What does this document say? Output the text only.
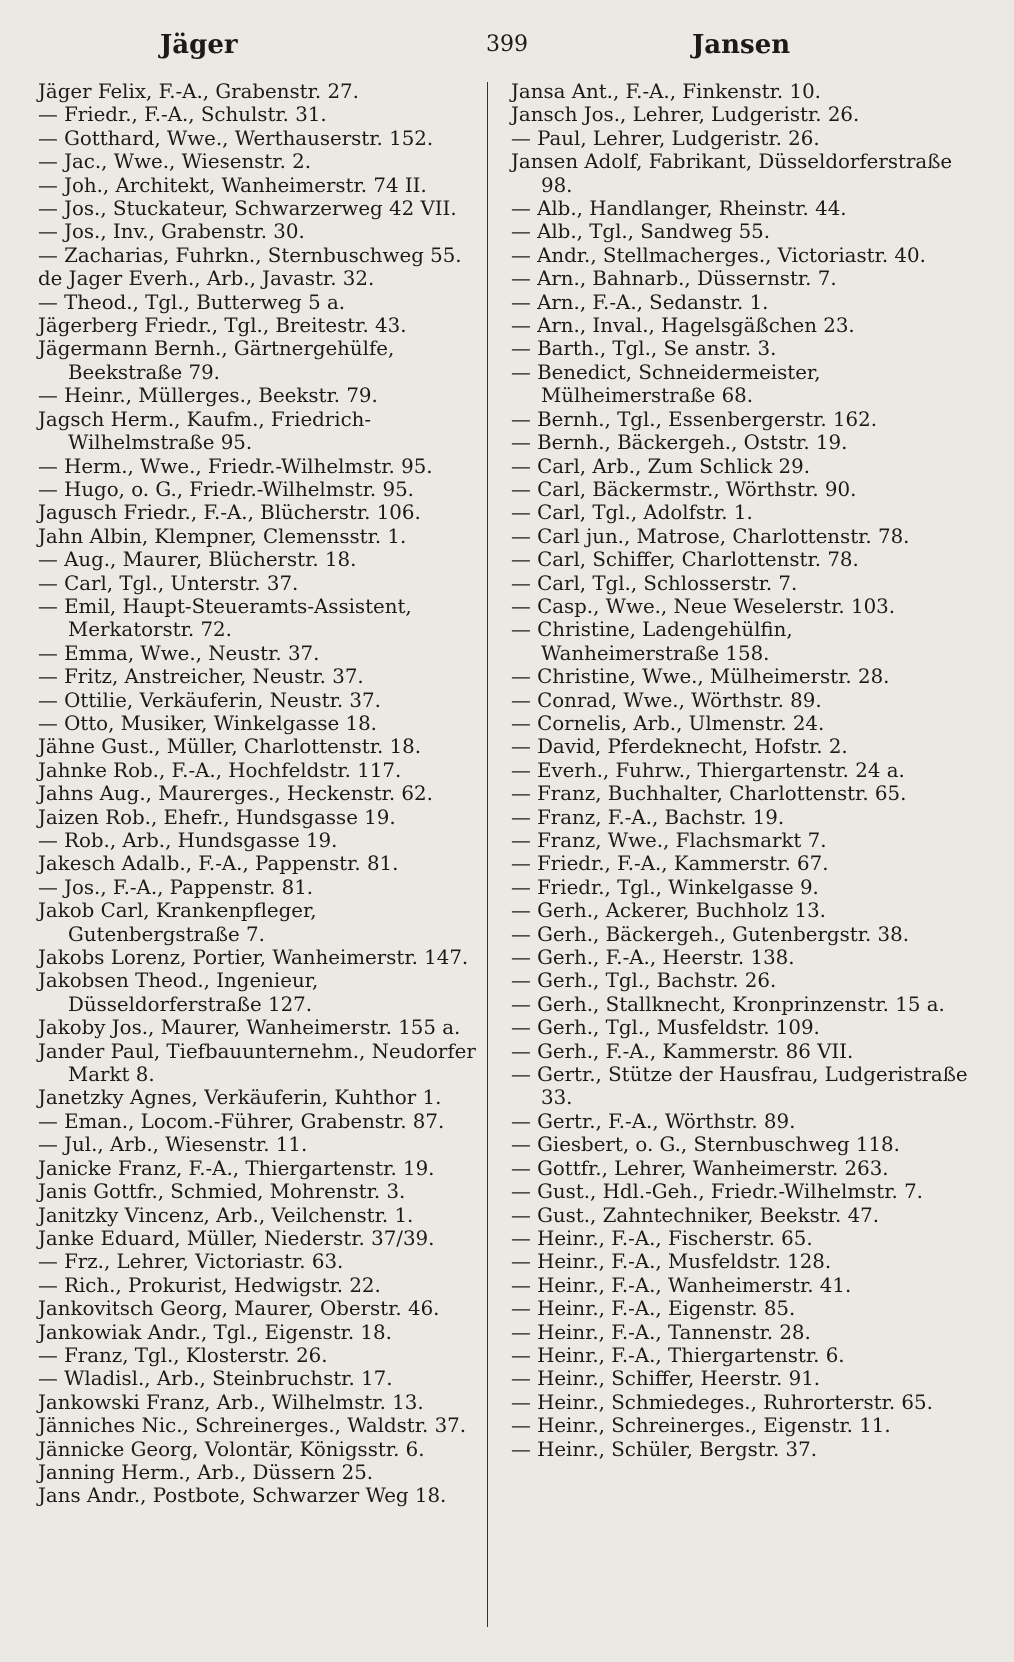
Jäger	399	Jansen

Jäger Felix, F.-A., Grabenstr. 27.

— Friedr., F.-A., Schulstr. 31.

— Gotthard, Wwe., Werthauserstr. 152.

— Jac., Wwe., Wiesenstr. 2.

— Joh., Architekt, Wanheimerstr. 74 II.

— Jos., Stuckateur, Schwarzerweg 42 VII.

— Jos., Inv., Grabenstr. 30.

— Zacharias, Fuhrkn., Sternbuschweg 55.

de Jager Everh., Arb., Javastr. 32.

— Theod., Tgl., Butterweg 5 a.

Jägerberg Friedr., Tgl., Breitestr. 43.

Jägermann Bernh., Gärtnergehülfe, Beekstraße 79.

— Heinr., Müllerges., Beekstr. 79.

Jagsch Herm., Kaufm., Friedrich-Wilhelmstraße 95.

— Herm., Wwe., Friedr.-Wilhelmstr. 95.

— Hugo, o. G., Friedr.-Wilhelmstr. 95.

Jagusch Friedr., F.-A., Blücherstr. 106.

Jahn Albin, Klempner, Clemensstr. 1.

— Aug., Maurer, Blücherstr. 18.

— Carl, Tgl., Unterstr. 37.

— Emil, Haupt-Steueramts-Assistent, Merkatorstr. 72.

— Emma, Wwe., Neustr. 37.

— Fritz, Anstreicher, Neustr. 37.

— Ottilie, Verkäuferin, Neustr. 37.

— Otto, Musiker, Winkelgasse 18.

Jähne Gust., Müller, Charlottenstr. 18.

Jahnke Rob., F.-A., Hochfeldstr. 117.

Jahns Aug., Maurerges., Heckenstr. 62.

Jaizen Rob., Ehefr., Hundsgasse 19.

— Rob., Arb., Hundsgasse 19.

Jakesch Adalb., F.-A., Pappenstr. 81.

— Jos., F.-A., Pappenstr. 81.

Jakob Carl, Krankenpfleger, Gutenbergstraße 7.

Jakobs Lorenz, Portier, Wanheimerstr. 147.

Jakobsen Theod., Ingenieur, Düsseldorferstraße 127.

Jakoby Jos., Maurer, Wanheimerstr. 155 a.

Jander Paul, Tiefbauunternehm., Neudorfer Markt 8.

Janetzky Agnes, Verkäuferin, Kuhthor 1.

— Eman., Locom.-Führer, Grabenstr. 87.

— Jul., Arb., Wiesenstr. 11.

Janicke Franz, F.-A., Thiergartenstr. 19.

Janis Gottfr., Schmied, Mohrenstr. 3.

Janitzky Vincenz, Arb., Veilchenstr. 1.

Janke Eduard, Müller, Niederstr. 37/39.

— Frz., Lehrer, Victoriastr. 63.

— Rich., Prokurist, Hedwigstr. 22.

Jankovitsch Georg, Maurer, Oberstr. 46.

Jankowiak Andr., Tgl., Eigenstr. 18.

— Franz, Tgl., Klosterstr. 26.

— Wladisl., Arb., Steinbruchstr. 17.

Jankowski Franz, Arb., Wilhelmstr. 13.

Jänniches Nic., Schreinerges., Waldstr. 37.

Jännicke Georg, Volontär, Königsstr. 6.

Janning Herm., Arb., Düssern 25.

Jans Andr., Postbote, Schwarzer Weg 18.

Jansa Ant., F.-A., Finkenstr. 10.

Jansch Jos., Lehrer, Ludgeristr. 26.

— Paul, Lehrer, Ludgeristr. 26.

Jansen Adolf, Fabrikant, Düsseldorferstraße 98.

— Alb., Handlanger, Rheinstr. 44.

— Alb., Tgl., Sandweg 55.

— Andr., Stellmacherges., Victoriastr. 40.

— Arn., Bahnarb., Düssernstr. 7.

— Arn., F.-A., Sedanstr. 1.

— Arn., Inval., Hagelsgäßchen 23.

— Barth., Tgl., Se anstr. 3.

— Benedict, Schneidermeister, Mülheimerstraße 68.

— Bernh., Tgl., Essenbergerstr. 162.

— Bernh., Bäckergeh., Oststr. 19.

— Carl, Arb., Zum Schlick 29.

— Carl, Bäckermstr., Wörthstr. 90.

— Carl, Tgl., Adolfstr. 1.

— Carl jun., Matrose, Charlottenstr. 78.

— Carl, Schiffer, Charlottenstr. 78.

— Carl, Tgl., Schlosserstr. 7.

— Casp., Wwe., Neue Weselerstr. 103.

— Christine, Ladengehülfin, Wanheimerstraße 158.

— Christine, Wwe., Mülheimerstr. 28.

— Conrad, Wwe., Wörthstr. 89.

— Cornelis, Arb., Ulmenstr. 24.

— David, Pferdeknecht, Hofstr. 2.

— Everh., Fuhrw., Thiergartenstr. 24 a.

— Franz, Buchhalter, Charlottenstr. 65.

— Franz, F.-A., Bachstr. 19.

— Franz, Wwe., Flachsmarkt 7.

— Friedr., F.-A., Kammerstr. 67.

— Friedr., Tgl., Winkelgasse 9.

— Gerh., Ackerer, Buchholz 13.

— Gerh., Bäckergeh., Gutenbergstr. 38.

— Gerh., F.-A., Heerstr. 138.

— Gerh., Tgl., Bachstr. 26.

— Gerh., Stallknecht, Kronprinzenstr. 15 a.

— Gerh., Tgl., Musfeldstr. 109.

— Gerh., F.-A., Kammerstr. 86 VII.

— Gertr., Stütze der Hausfrau, Ludgeristraße 33.

— Gertr., F.-A., Wörthstr. 89.

— Giesbert, o. G., Sternbuschweg 118.

— Gottfr., Lehrer, Wanheimerstr. 263.

— Gust., Hdl.-Geh., Friedr.-Wilhelmstr. 7.

— Gust., Zahntechniker, Beekstr. 47.

— Heinr., F.-A., Fischerstr. 65.

— Heinr., F.-A., Musfeldstr. 128.

— Heinr., F.-A., Wanheimerstr. 41.

— Heinr., F.-A., Eigenstr. 85.

— Heinr., F.-A., Tannenstr. 28.

— Heinr., F.-A., Thiergartenstr. 6.

— Heinr., Schiffer, Heerstr. 91.

— Heinr., Schmiedeges., Ruhrorterstr. 65.

— Heinr., Schreinerges., Eigenstr. 11.

— Heinr., Schüler, Bergstr. 37.
